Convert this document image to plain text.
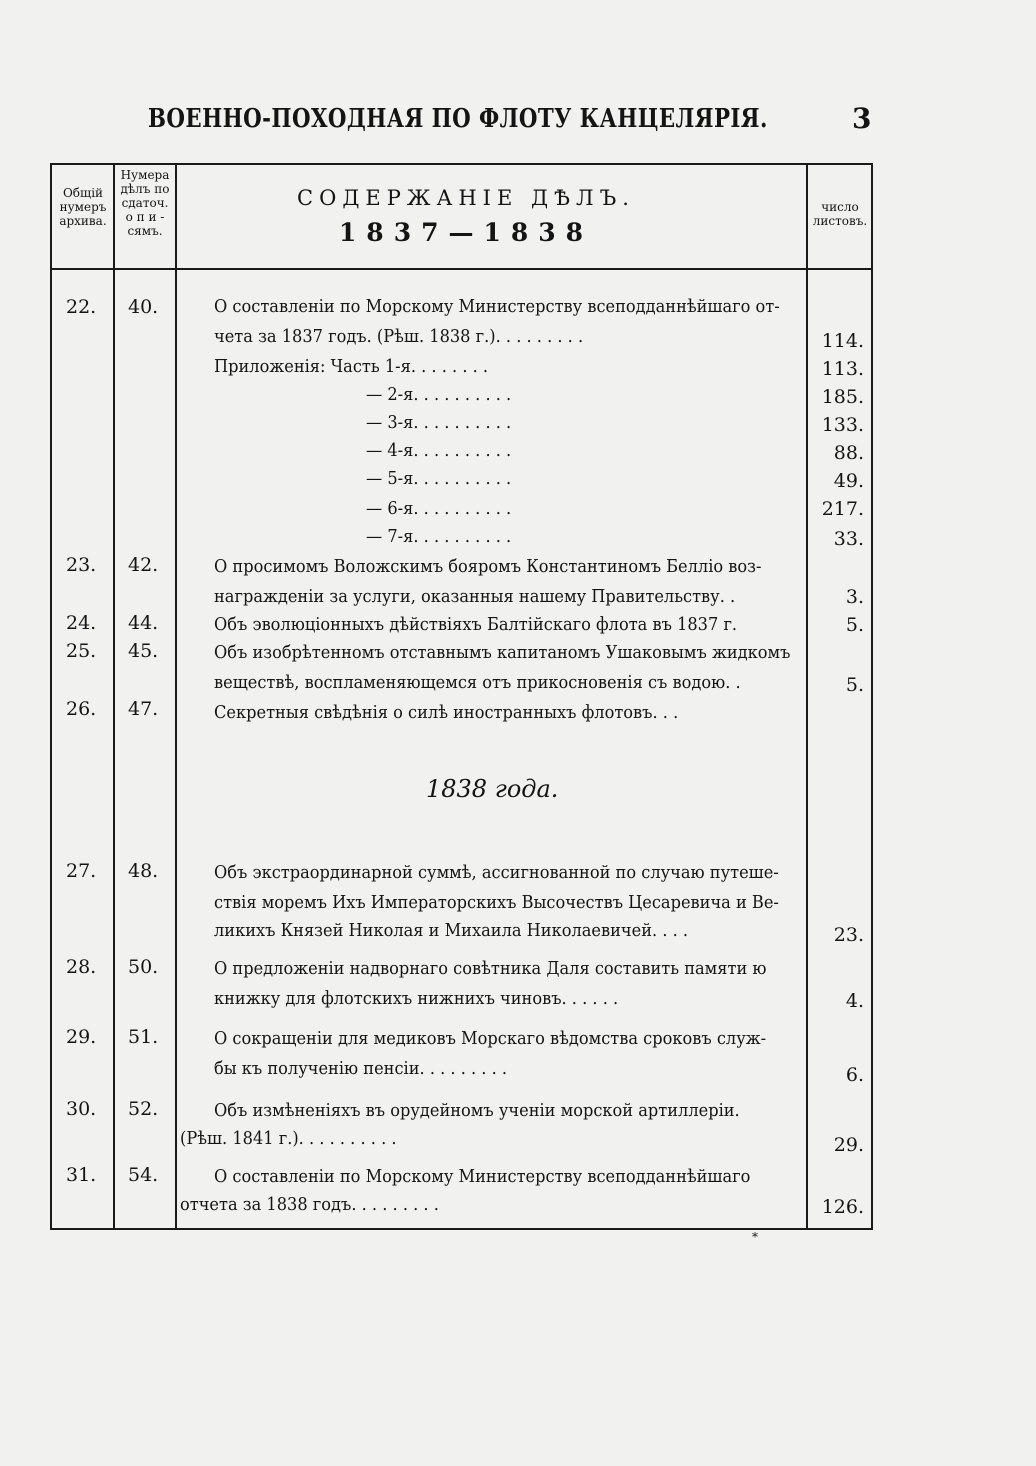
ВОЕННО-ПОХОДНАЯ ПО ФЛОТУ КАНЦЕЛЯРІЯ.	3
Общій
нумеръ
архива.
Нумера
дѣлъ по
сдаточ.
о п и -
сямъ.
СОДЕРЖАНІЕ ДѢЛЪ.
1837—1838
число
листовъ.
22.	40.	О составленіи по Морскому Министерству всеподданнѣйшаго от-
чета за 1837 годъ. (Рѣш. 1838 г.). . . . . . . . .	114.
Приложенія: Часть 1-я. . . . . . . .	113.
— 2-я. . . . . . . . . .	185.
— 3-я. . . . . . . . . .	133.
— 4-я. . . . . . . . . .	88.
— 5-я. . . . . . . . . .	49.
— 6-я. . . . . . . . . .	217.
— 7-я. . . . . . . . . .	33.
23.	42.	О просимомъ Воложскимъ бояромъ Константиномъ Белліо воз-
награжденіи за услуги, оказанныя нашему Правительству. .	3.
24.	44.	Объ эволюціонныхъ дѣйствіяхъ Балтійскаго флота въ 1837 г.	5.
25.	45.	Объ изобрѣтенномъ отставнымъ капитаномъ Ушаковымъ жидкомъ
веществѣ, воспламеняющемся отъ прикосновенія съ водою. .	5.
26.	47.	Секретныя свѣдѣнія о силѣ иностранныхъ флотовъ. . .
1838 года.
27.	48.	Объ экстраординарной суммѣ, ассигнованной по случаю путеше-
ствія моремъ Ихъ Императорскихъ Высочествъ Цесаревича и Ве-
ликихъ Князей Николая и Михаила Николаевичей. . . .	23.
28.	50.	О предложеніи надворнаго совѣтника Даля составить памяти ю
книжку для флотскихъ нижнихъ чиновъ. . . . . .	4.
29.	51.	О сокращеніи для медиковъ Морскаго вѣдомства сроковъ служ-
бы къ полученію пенсіи. . . . . . . . .	6.
30.	52.	Объ измѣненіяхъ въ орудейномъ ученіи морской артиллеріи.
(Рѣш. 1841 г.). . . . . . . . . .	29.
31.	54.	О составленіи по Морскому Министерству всеподданнѣйшаго
отчета за 1838 годъ. . . . . . . . .	126.
*
